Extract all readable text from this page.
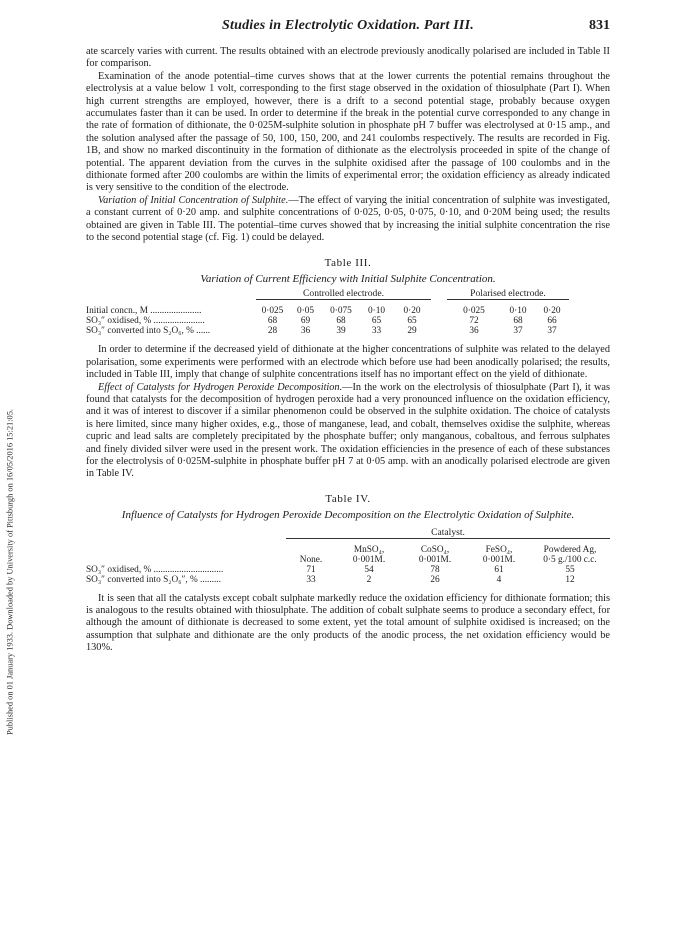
Published on 01 January 1933. Downloaded by University of Pittsburgh on 16/05/2016 15:21:05.
Studies in Electrolytic Oxidation. Part III.	831

ate scarcely varies with current. The results obtained with an electrode previously anodically polarised are included in Table II for comparison.

Examination of the anode potential–time curves shows that at the lower currents the potential remains throughout the electrolysis at a value below 1 volt, corresponding to the first stage observed in the oxidation of thiosulphate (Part I). When high current strengths are employed, however, there is a drift to a second potential stage, probably because oxygen accumulates faster than it can be used. In order to determine if the break in the potential curve corresponded to any change in the rate of formation of dithionate, the 0·025M-sulphite solution in phosphate pH 7 buffer was electrolysed at 0·15 amp., and the solution analysed after the passage of 50, 100, 150, 200, and 241 coulombs respectively. The results are recorded in Fig. 1B, and show no marked discontinuity in the formation of dithionate as the electrolysis proceeded in spite of the change of potential. The apparent deviation from the curves in the sulphite oxidised after the passage of 100 coulombs and in the dithionate formed after 200 coulombs are within the limits of experimental error; the oxidation efficiency as already indicated is very sensitive to the condition of the electrode.

Variation of Initial Concentration of Sulphite.—The effect of varying the initial concentration of sulphite was investigated, a constant current of 0·20 amp. and sulphite concentrations of 0·025, 0·05, 0·075, 0·10, and 0·20M being used; the results obtained are given in Table III. The potential–time curves showed that by increasing the initial sulphite concentration the rise to the second potential stage (cf. Fig. 1) could be delayed.

Table III.
Variation of Current Efficiency with Initial Sulphite Concentration.
	Controlled electrode.						Polarised electrode.			

Initial concn., M ......................	0·025	0·05	0·075	0·10	0·20		0·025	0·10	0·20	
SO₃″ oxidised, % ......................	68	69	68	65	65		72	68	66	
SO₃″ converted into S₂O₆, % ......	28	36	39	33	29		36	37	37	

In order to determine if the decreased yield of dithionate at the higher concentrations of sulphite was related to the delayed polarisation, some experiments were performed with an electrode which before use had been anodically polarised; the results, included in Table III, imply that change of sulphite concentrations itself has no important effect on the yield of dithionate.

Effect of Catalysts for Hydrogen Peroxide Decomposition.—In the work on the electrolysis of thiosulphate (Part I), it was found that catalysts for the decomposition of hydrogen peroxide had a very pronounced influence on the oxidation efficiency, and it was of interest to discover if a similar phenomenon could be observed in the sulphite oxidation. The choice of catalysts is here limited, since many higher oxides, e.g., those of manganese, lead, and cobalt, themselves oxidise the sulphite, whereas cupric and lead salts are completely precipitated by the phosphate buffer; only manganous, cobaltous, and ferrous sulphates and finely divided silver were used in the present work. The oxidation efficiencies in the presence of each of these substances for the electrolysis of 0·025M-sulphite in phosphate buffer pH 7 at 0·05 amp. with an anodically polarised electrode are given in Table IV.

Table IV.
Influence of Catalysts for Hydrogen Peroxide Decomposition on the Electrolytic Oxidation of Sulphite.
	Catalyst.				

		MnSO₄,	CoSO₄,	FeSO₄,	Powdered Ag,
	None.	0·001M.	0·001M.	0·001M.	0·5 g./100 c.c.
SO₃″ oxidised, % ..............................	71	54	78	61	55
SO₃″ converted into S₂O₆″, % .........	33	2	26	4	12

It is seen that all the catalysts except cobalt sulphate markedly reduce the oxidation efficiency for dithionate formation; this is analogous to the results obtained with thiosulphate. The addition of cobalt sulphate seems to produce a secondary effect, for although the amount of dithionate is decreased to some extent, yet the total amount of sulphite oxidised is increased; on the assumption that sulphate and dithionate are the only products of the anodic process, the net oxidation efficiency would be 130%.
